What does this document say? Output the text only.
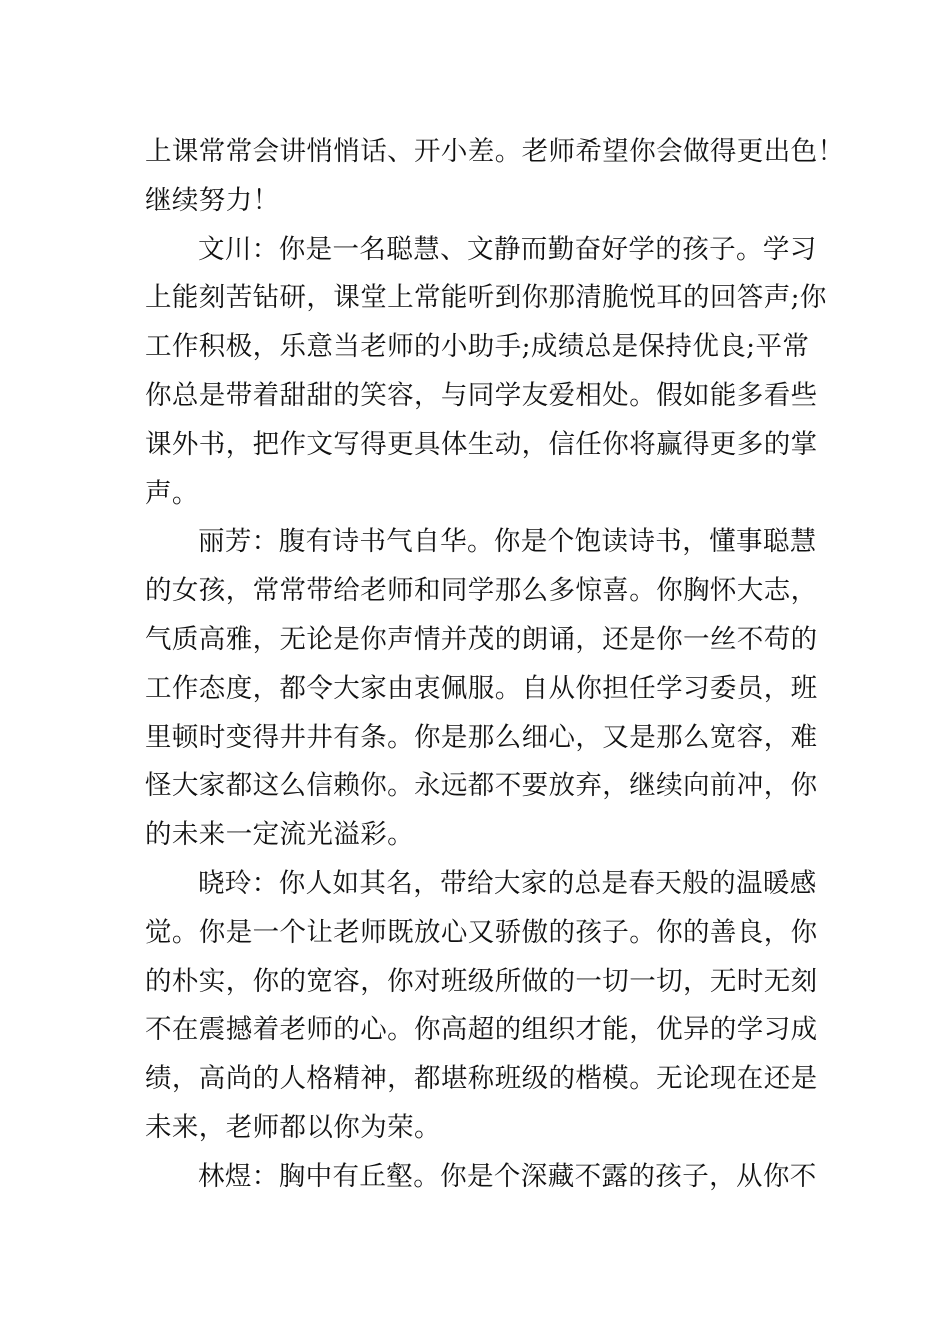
上课常常会讲悄悄话、开小差。老师希望你会做得更出色！
继续努力！
文川：你是一名聪慧、文静而勤奋好学的孩子。学习
上能刻苦钻研，课堂上常能听到你那清脆悦耳的回答声;你
工作积极，乐意当老师的小助手;成绩总是保持优良;平常
你总是带着甜甜的笑容，与同学友爱相处。假如能多看些
课外书，把作文写得更具体生动，信任你将赢得更多的掌
声。
丽芳：腹有诗书气自华。你是个饱读诗书，懂事聪慧
的女孩，常常带给老师和同学那么多惊喜。你胸怀大志，
气质高雅，无论是你声情并茂的朗诵，还是你一丝不苟的
工作态度，都令大家由衷佩服。自从你担任学习委员，班
里顿时变得井井有条。你是那么细心，又是那么宽容，难
怪大家都这么信赖你。永远都不要放弃，继续向前冲，你
的未来一定流光溢彩。
晓玲：你人如其名，带给大家的总是春天般的温暖感
觉。你是一个让老师既放心又骄傲的孩子。你的善良，你
的朴实，你的宽容，你对班级所做的一切一切，无时无刻
不在震撼着老师的心。你高超的组织才能，优异的学习成
绩，高尚的人格精神，都堪称班级的楷模。无论现在还是
未来，老师都以你为荣。
林煜：胸中有丘壑。你是个深藏不露的孩子，从你不
